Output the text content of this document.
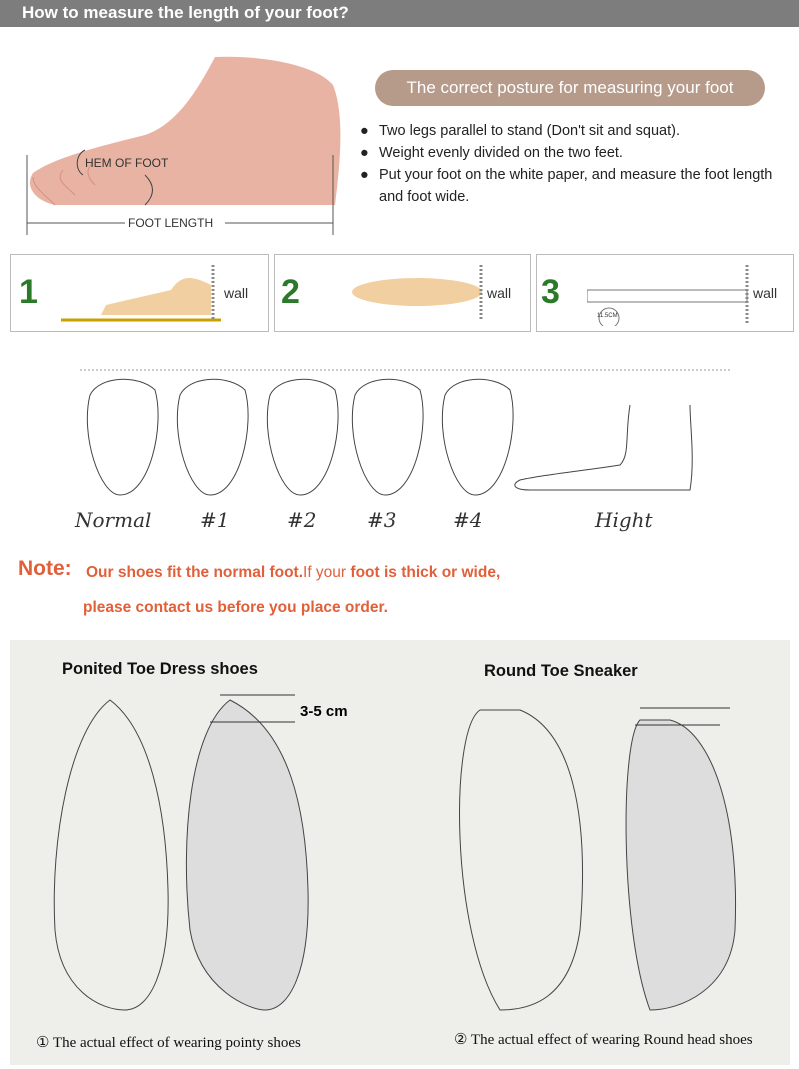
How to measure the length of your foot?
HEM OF FOOT
FOOT LENGTH
The correct posture for measuring your foot
● Two legs parallel to stand (Don't sit and squat).
● Weight evenly divided on the two feet.
● Put your foot on the white paper, and measure the foot length and foot wide.
1	wall 2	wall 3
11.5CM
wall
Normal #1	#2	#3	#4	Hight
Note: Our shoes fit the normal foot.If your foot is thick or wide,
please contact us before you place order.
Ponited Toe Dress shoes	Round Toe Sneaker
3-5 cm
① The actual effect of wearing pointy shoes	② The actual effect of wearing Round head shoes
